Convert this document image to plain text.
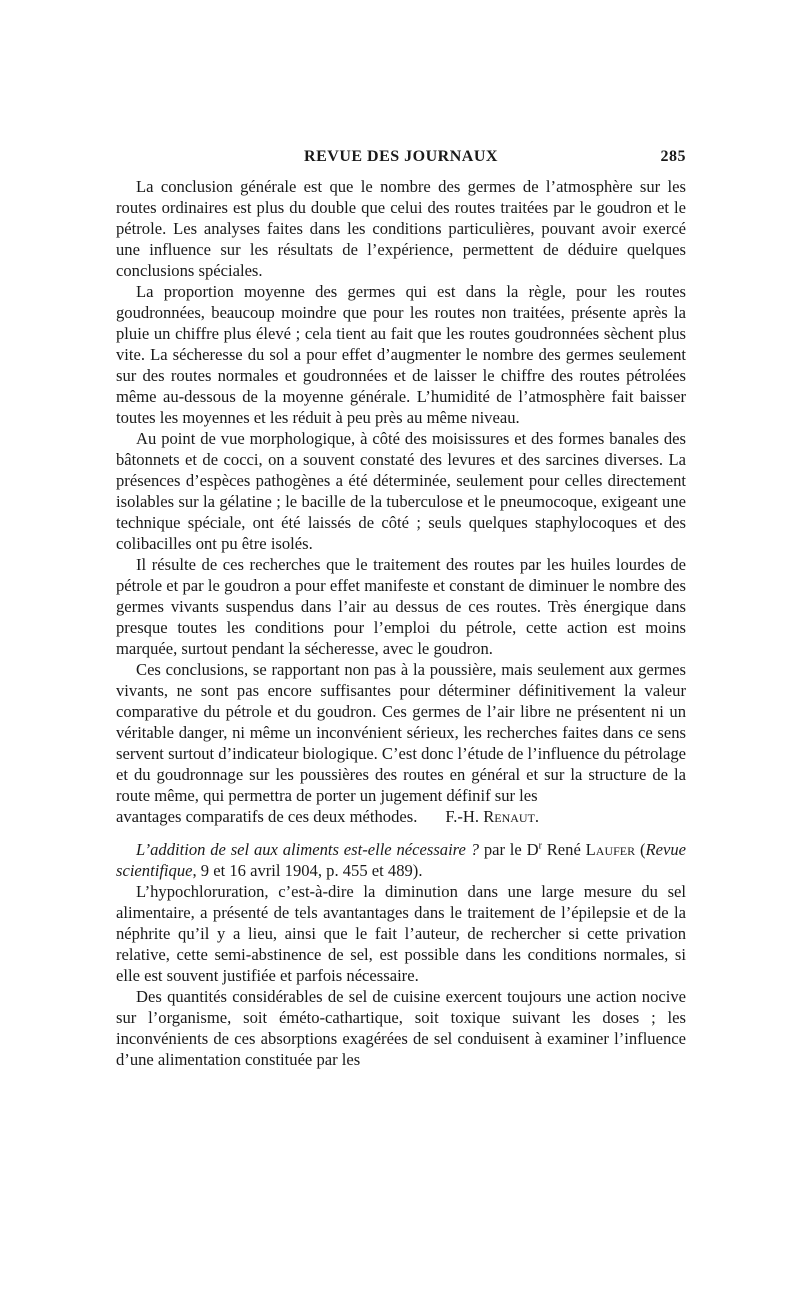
REVUE DES JOURNAUX	285

La conclusion générale est que le nombre des germes de l’atmosphère sur les routes ordinaires est plus du double que celui des routes traitées par le goudron et le pétrole. Les analyses faites dans les conditions particulières, pouvant avoir exercé une influence sur les résultats de l’expérience, permettent de déduire quelques conclusions spéciales.

La proportion moyenne des germes qui est dans la règle, pour les routes goudronnées, beaucoup moindre que pour les routes non traitées, présente après la pluie un chiffre plus élevé ; cela tient au fait que les routes goudronnées sèchent plus vite. La sécheresse du sol a pour effet d’augmenter le nombre des germes seulement sur des routes normales et goudronnées et de laisser le chiffre des routes pétrolées même au-dessous de la moyenne générale. L’humidité de l’atmosphère fait baisser toutes les moyennes et les réduit à peu près au même niveau.

Au point de vue morphologique, à côté des moisissures et des formes banales des bâtonnets et de cocci, on a souvent constaté des levures et des sarcines diverses. La présences d’espèces pathogènes a été déterminée, seulement pour celles directement isolables sur la gélatine ; le bacille de la tuberculose et le pneumocoque, exigeant une technique spéciale, ont été laissés de côté ; seuls quelques staphylocoques et des colibacilles ont pu être isolés.

Il résulte de ces recherches que le traitement des routes par les huiles lourdes de pétrole et par le goudron a pour effet manifeste et constant de diminuer le nombre des germes vivants suspendus dans l’air au dessus de ces routes. Très énergique dans presque toutes les conditions pour l’emploi du pétrole, cette action est moins marquée, surtout pendant la sécheresse, avec le goudron.

Ces conclusions, se rapportant non pas à la poussière, mais seulement aux germes vivants, ne sont pas encore suffisantes pour déterminer définitivement la valeur comparative du pétrole et du goudron. Ces germes de l’air libre ne présentent ni un véritable danger, ni même un inconvénient sérieux, les recherches faites dans ce sens servent surtout d’indicateur biologique. C’est donc l’étude de l’influence du pétrolage et du goudronnage sur les poussières des routes en général et sur la structure de la route même, qui permettra de porter un jugement définif sur les
avantages comparatifs de ces deux méthodes. F.-H. Renaut.

L’addition de sel aux aliments est-elle nécessaire ? par le $D^r$ René Laufer (Revue scientifique, 9 et 16 avril 1904, p. 455 et 489).

L’hypochloruration, c’est-à-dire la diminution dans une large mesure du sel alimentaire, a présenté de tels avantantages dans le traitement de l’épilepsie et de la néphrite qu’il y a lieu, ainsi que le fait l’auteur, de rechercher si cette privation relative, cette semi-abstinence de sel, est possible dans les conditions normales, si elle est souvent justifiée et parfois nécessaire.

Des quantités considérables de sel de cuisine exercent toujours une action nocive sur l’organisme, soit éméto-cathartique, soit toxique suivant les doses ; les inconvénients de ces absorptions exagérées de sel conduisent à examiner l’influence d’une alimentation constituée par les
